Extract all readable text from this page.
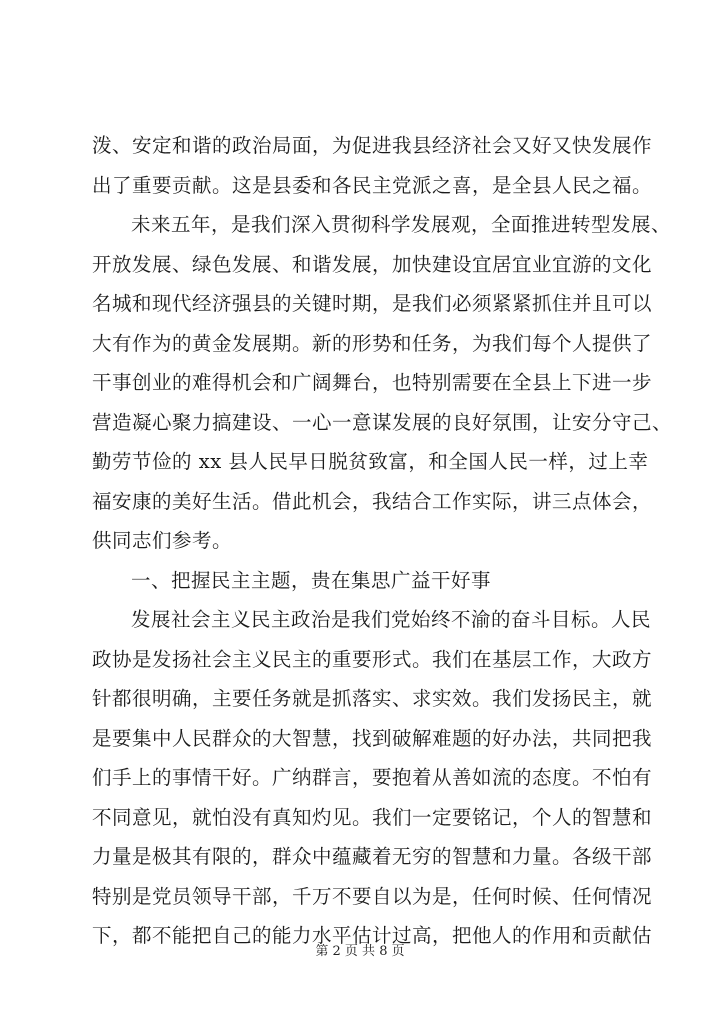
泼、安定和谐的政治局面，为促进我县经济社会又好又快发展作
出了重要贡献。这是县委和各民主党派之喜，是全县人民之福。
未来五年，是我们深入贯彻科学发展观，全面推进转型发展、
开放发展、绿色发展、和谐发展，加快建设宜居宜业宜游的文化
名城和现代经济强县的关键时期，是我们必须紧紧抓住并且可以
大有作为的黄金发展期。新的形势和任务，为我们每个人提供了
干事创业的难得机会和广阔舞台，也特别需要在全县上下进一步
营造凝心聚力搞建设、一心一意谋发展的良好氛围，让安分守己、
勤劳节俭的 xx 县人民早日脱贫致富，和全国人民一样，过上幸
福安康的美好生活。借此机会，我结合工作实际，讲三点体会，
供同志们参考。
一、把握民主主题，贵在集思广益干好事
发展社会主义民主政治是我们党始终不渝的奋斗目标。人民
政协是发扬社会主义民主的重要形式。我们在基层工作，大政方
针都很明确，主要任务就是抓落实、求实效。我们发扬民主，就
是要集中人民群众的大智慧，找到破解难题的好办法，共同把我
们手上的事情干好。广纳群言，要抱着从善如流的态度。不怕有
不同意见，就怕没有真知灼见。我们一定要铭记，个人的智慧和
力量是极其有限的，群众中蕴藏着无穷的智慧和力量。各级干部
特别是党员领导干部，千万不要自以为是，任何时候、任何情况
下，都不能把自己的能力水平估计过高，把他人的作用和贡献估
第 2 页 共 8 页
